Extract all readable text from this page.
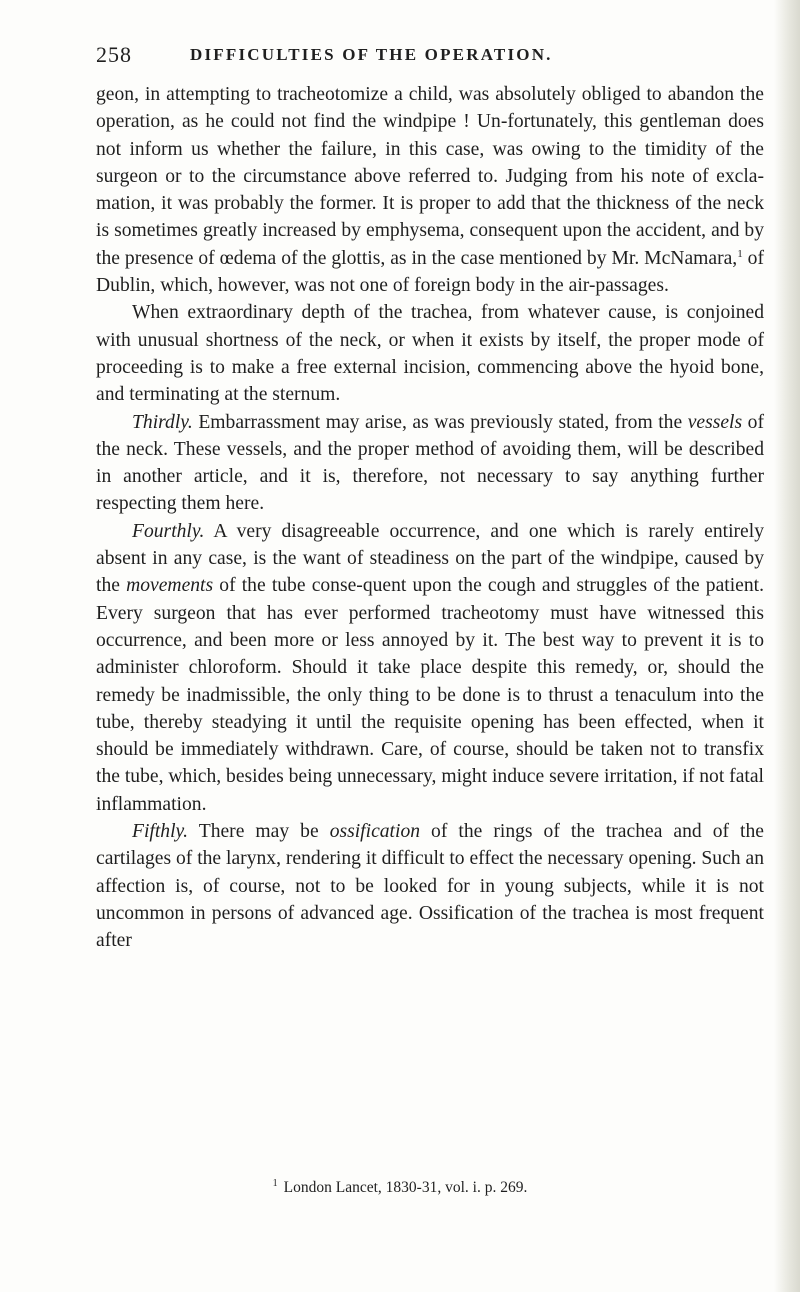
258	DIFFICULTIES OF THE OPERATION.

geon, in attempting to tracheotomize a child, was absolutely obliged to abandon the operation, as he could not find the windpipe ! Un-fortunately, this gentleman does not inform us whether the failure, in this case, was owing to the timidity of the surgeon or to the circumstance above referred to. Judging from his note of excla-mation, it was probably the former. It is proper to add that the thickness of the neck is sometimes greatly increased by emphysema, consequent upon the accident, and by the presence of œdema of the glottis, as in the case mentioned by Mr. McNamara,$^1$ of Dublin, which, however, was not one of foreign body in the air-passages.

When extraordinary depth of the trachea, from whatever cause, is conjoined with unusual shortness of the neck, or when it exists by itself, the proper mode of proceeding is to make a free external incision, commencing above the hyoid bone, and terminating at the sternum.

Thirdly. Embarrassment may arise, as was previously stated, from the vessels of the neck. These vessels, and the proper method of avoiding them, will be described in another article, and it is, therefore, not necessary to say anything further respecting them here.

Fourthly. A very disagreeable occurrence, and one which is rarely entirely absent in any case, is the want of steadiness on the part of the windpipe, caused by the movements of the tube conse-quent upon the cough and struggles of the patient. Every surgeon that has ever performed tracheotomy must have witnessed this occurrence, and been more or less annoyed by it. The best way to prevent it is to administer chloroform. Should it take place despite this remedy, or, should the remedy be inadmissible, the only thing to be done is to thrust a tenaculum into the tube, thereby steadying it until the requisite opening has been effected, when it should be immediately withdrawn. Care, of course, should be taken not to transfix the tube, which, besides being unnecessary, might induce severe irritation, if not fatal inflammation.

Fifthly. There may be ossification of the rings of the trachea and of the cartilages of the larynx, rendering it difficult to effect the necessary opening. Such an affection is, of course, not to be looked for in young subjects, while it is not uncommon in persons of advanced age. Ossification of the trachea is most frequent after

$^1$ London Lancet, 1830-31, vol. i. p. 269.
